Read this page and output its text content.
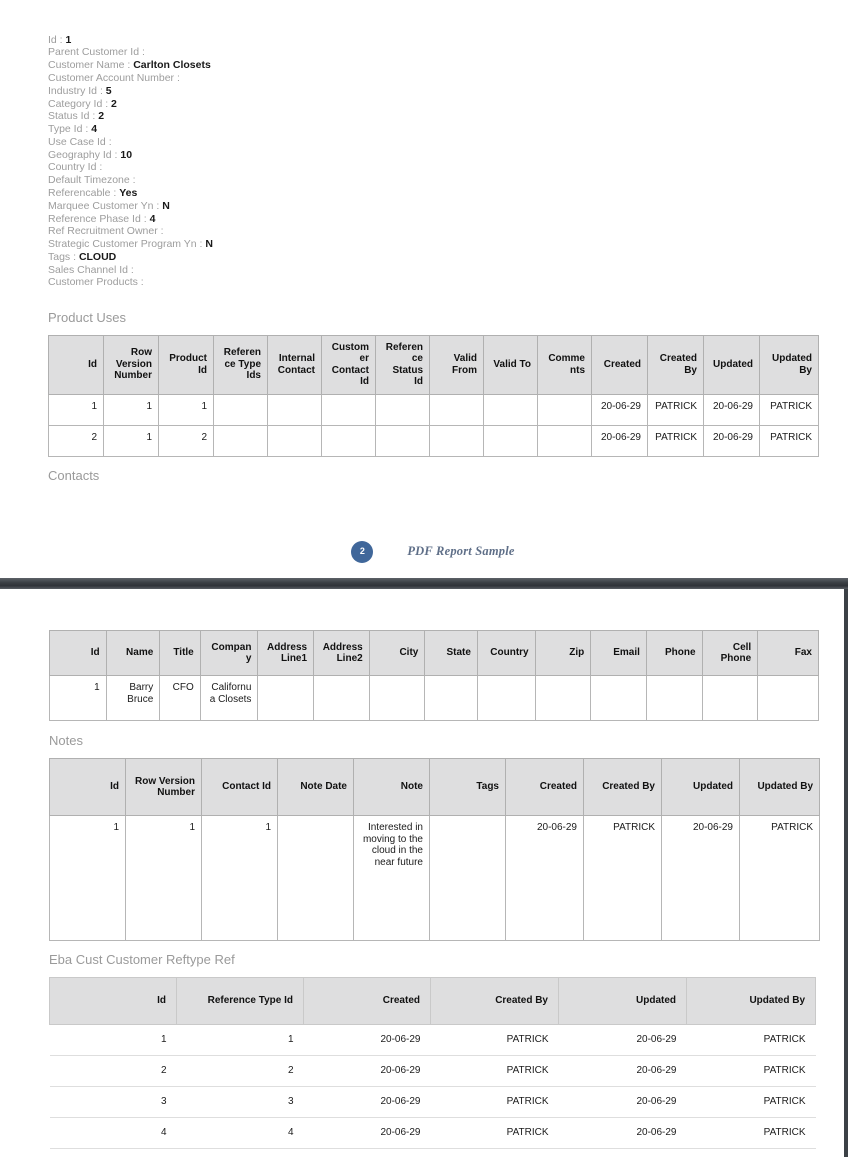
Id : 1
Parent Customer Id :
Customer Name : Carlton Closets
Customer Account Number :
Industry Id : 5
Category Id : 2
Status Id : 2
Type Id : 4
Use Case Id :
Geography Id : 10
Country Id :
Default Timezone :
Referencable : Yes
Marquee Customer Yn : N
Reference Phase Id : 4
Ref Recruitment Owner :
Strategic Customer Program Yn : N
Tags : CLOUD
Sales Channel Id :
Customer Products :
Product Uses
Id	Row Version Number	Product Id	Reference Type Ids	Internal Contact	Customer Contact Id	Reference Status Id	Valid From	Valid To	Comments	Created	Created By	Updated	Updated By
1	1	1								20-06-29	PATRICK	20-06-29	PATRICK
2	1	2								20-06-29	PATRICK	20-06-29	PATRICK
Contacts
2	PDF Report Sample
Id	Name	Title	Company	Address Line1	Address Line2	City	State	Country	Zip	Email	Phone	Cell Phone	Fax
1	Barry Bruce	CFO	Californua Closets										
Notes
Id	Row Version Number	Contact Id	Note Date	Note	Tags	Created	Created By	Updated	Updated By
1	1	1		Interested in moving to the cloud in the near future		20-06-29	PATRICK	20-06-29	PATRICK
Eba Cust Customer Reftype Ref
Id	Reference Type Id	Created	Created By	Updated	Updated By
1	1	20-06-29	PATRICK	20-06-29	PATRICK
2	2	20-06-29	PATRICK	20-06-29	PATRICK
3	3	20-06-29	PATRICK	20-06-29	PATRICK
4	4	20-06-29	PATRICK	20-06-29	PATRICK
